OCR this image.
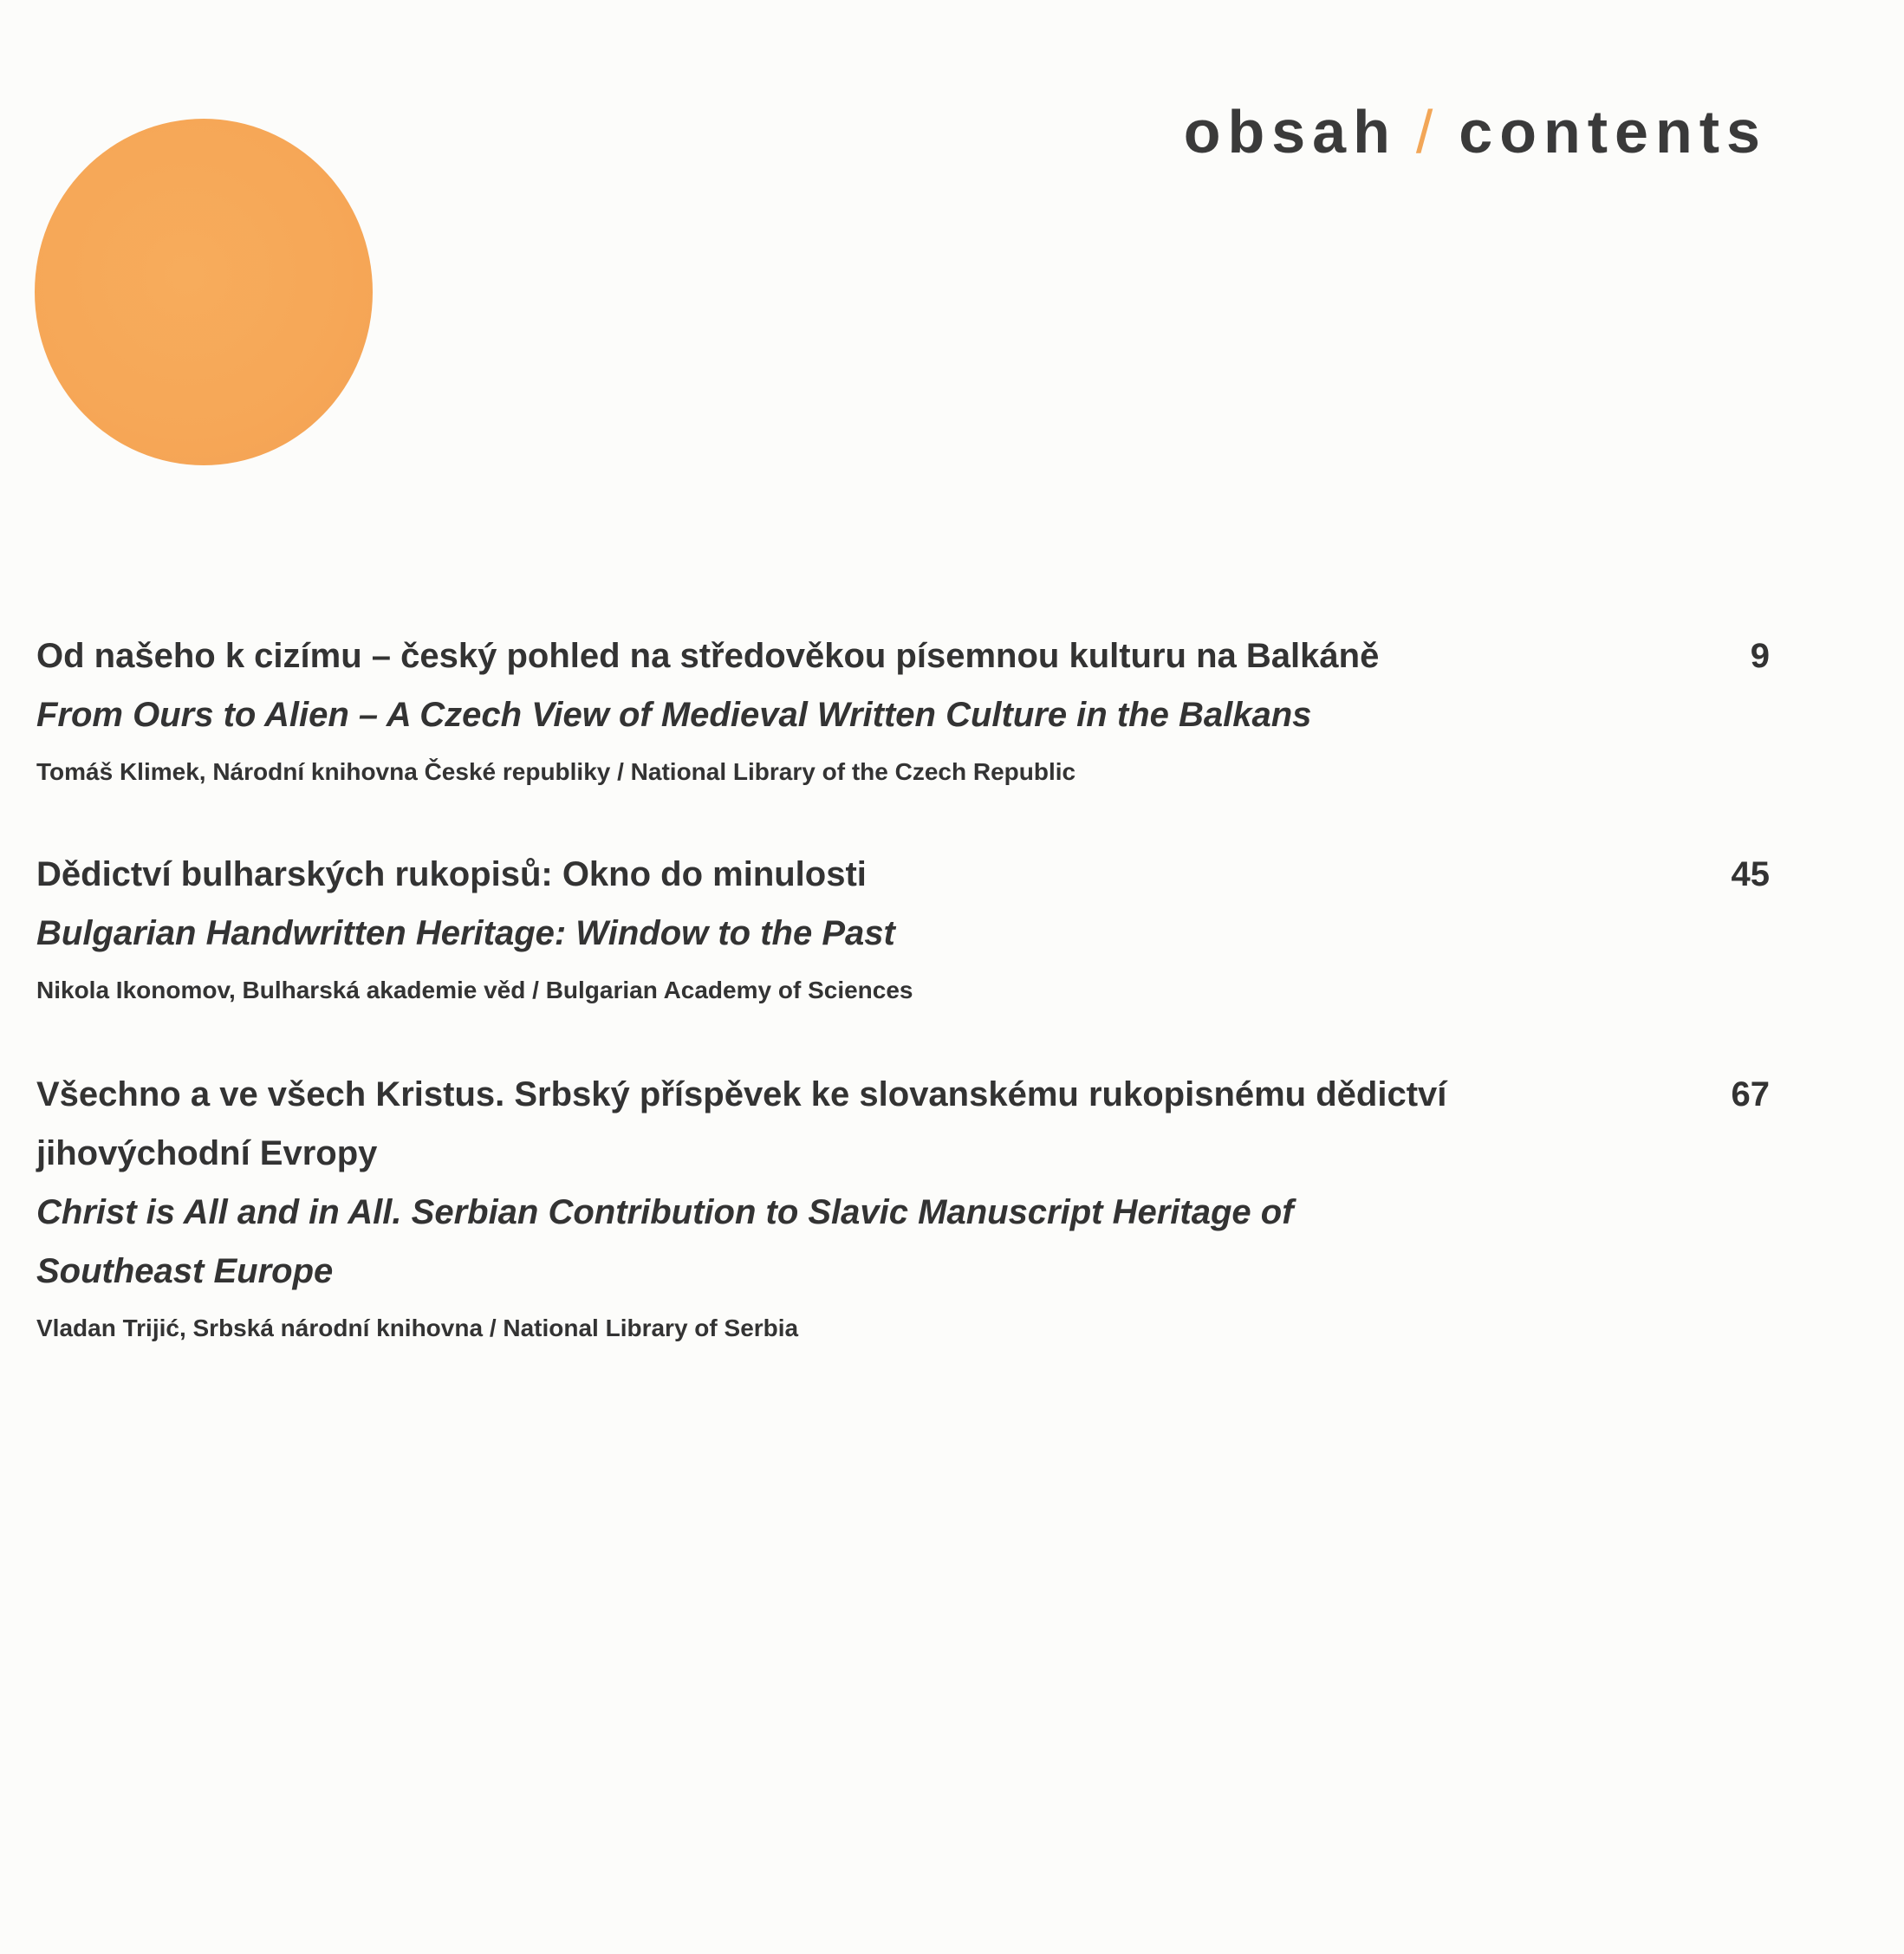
obsah / contents
Od našeho k cizímu – český pohled na středověkou písemnou kulturu na Balkáně
From Ours to Alien – A Czech View of Medieval Written Culture in the Balkans
Tomáš Klimek, Národní knihovna České republiky / National Library of the Czech Republic
9
Dědictví bulharských rukopisů: Okno do minulosti
Bulgarian Handwritten Heritage: Window to the Past
Nikola Ikonomov, Bulharská akademie věd / Bulgarian Academy of Sciences
45
Všechno a ve všech Kristus. Srbský příspěvek ke slovanskému rukopisnému dědictví jihovýchodní Evropy
Christ is All and in All. Serbian Contribution to Slavic Manuscript Heritage of Southeast Europe
Vladan Trijić, Srbská národní knihovna / National Library of Serbia
67
